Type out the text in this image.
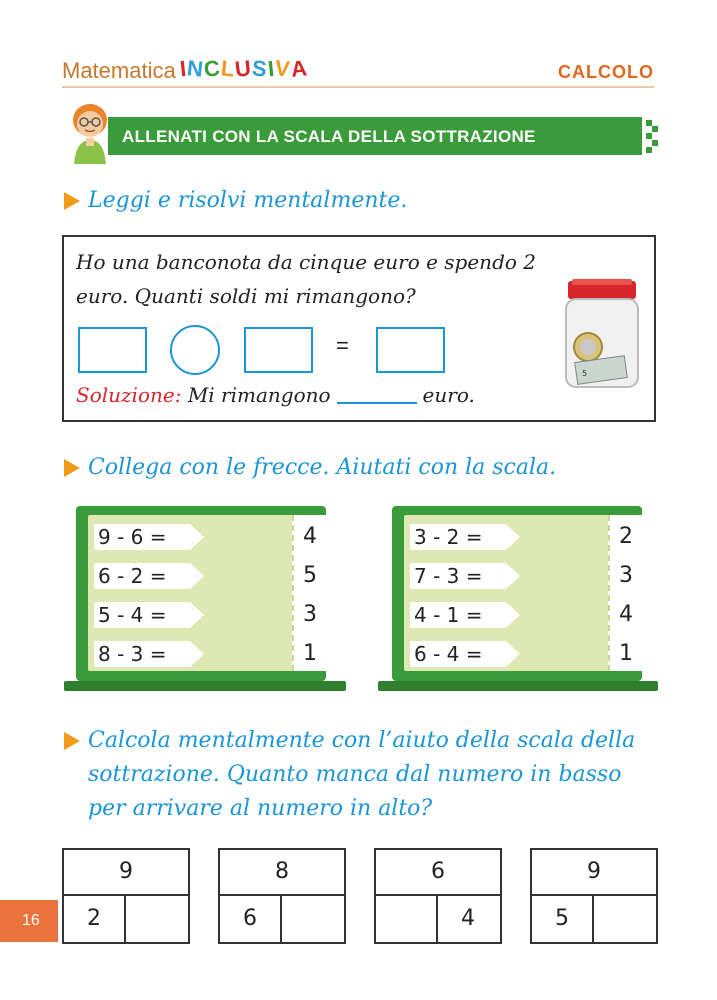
Matematica INCLUSIVA	CALCOLO
ALLENATI CON LA SCALA DELLA SOTTRAZIONE
Leggi e risolvi mentalmente.
Ho una banconota da cinque euro e spendo 2
euro. Quanti soldi mi rimangono?
=
Soluzione: Mi rimangono	euro.
5
Collega con le frecce. Aiutati con la scala.
9 - 6 =
6 - 2 =
5 - 4 =
8 - 3 =
4
5
3
1
3 - 2 =
7 - 3 =
4 - 1 =
6 - 4 =
2
3
4
1
Calcola mentalmente con l’aiuto della scala della
sottrazione. Quanto manca dal numero in basso
per arrivare al numero in alto?
9
2
8
6
6
4
9
5
16
